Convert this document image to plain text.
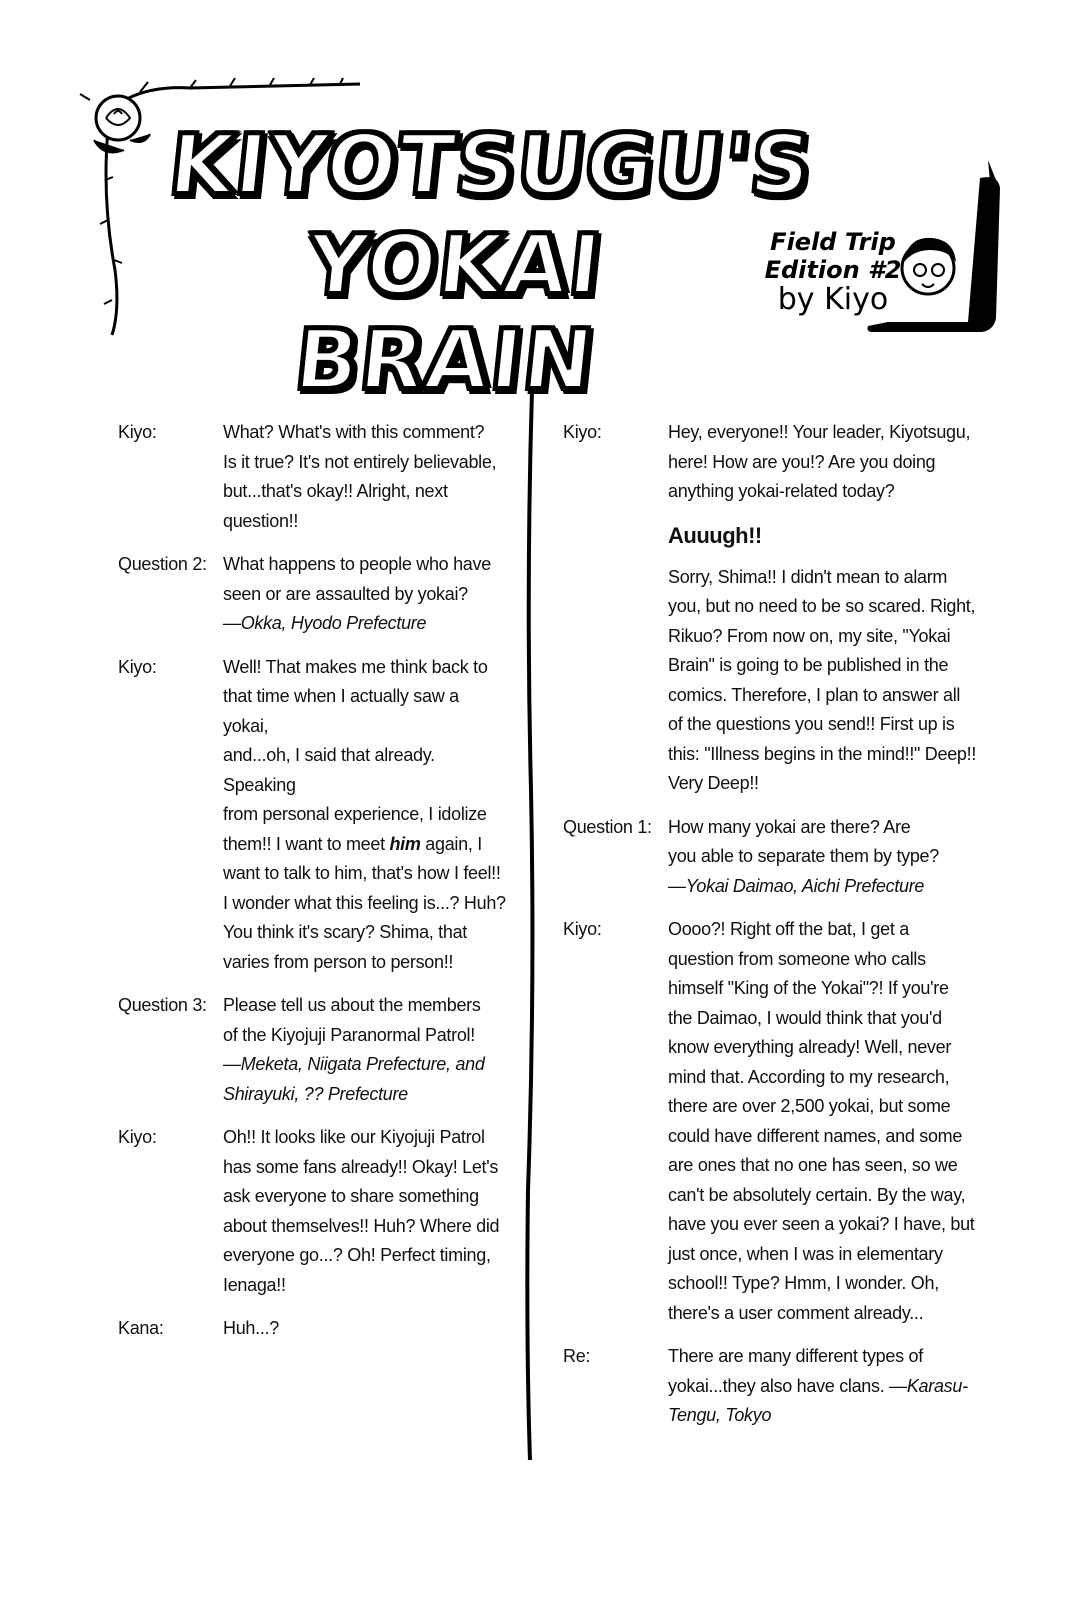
KIYOTSUGU'S
YOKAI BRAIN
Field Trip
Edition #2
by Kiyo
Kiyo:	What? What's with this comment?
Is it true? It's not entirely believable,
but...that's okay!! Alright, next
question!!
Question 2: What happens to people who have
seen or are assaulted by yokai?
—Okka, Hyodo Prefecture
Kiyo:	Well! That makes me think back to
that time when I actually saw a yokai,
and...oh, I said that already. Speaking
from personal experience, I idolize
them!! I want to meet him again, I
want to talk to him, that's how I feel!!
I wonder what this feeling is...? Huh?
You think it's scary? Shima, that
varies from person to person!!
Question 3: Please tell us about the members
of the Kiyojuji Paranormal Patrol!
—Meketa, Niigata Prefecture, and
Shirayuki, ?? Prefecture
Kiyo:	Oh!! It looks like our Kiyojuji Patrol
has some fans already!! Okay! Let's
ask everyone to share something
about themselves!! Huh? Where did
everyone go...? Oh! Perfect timing,
Ienaga!!
Kana:	Huh...?
Kiyo:	Hey, everyone!! Your leader, Kiyotsugu,
here! How are you!? Are you doing
anything yokai-related today?
Auuugh!!
Sorry, Shima!! I didn't mean to alarm
you, but no need to be so scared. Right,
Rikuo? From now on, my site, "Yokai
Brain" is going to be published in the
comics. Therefore, I plan to answer all
of the questions you send!! First up is
this: "Illness begins in the mind!!" Deep!!
Very Deep!!
Question 1: How many yokai are there? Are
you able to separate them by type?
—Yokai Daimao, Aichi Prefecture
Kiyo:	Oooo?! Right off the bat, I get a
question from someone who calls
himself "King of the Yokai"?! If you're
the Daimao, I would think that you'd
know everything already! Well, never
mind that. According to my research,
there are over 2,500 yokai, but some
could have different names, and some
are ones that no one has seen, so we
can't be absolutely certain. By the way,
have you ever seen a yokai? I have, but
just once, when I was in elementary
school!! Type? Hmm, I wonder. Oh,
there's a user comment already...
Re:	There are many different types of
yokai...they also have clans. —Karasu-
Tengu, Tokyo
